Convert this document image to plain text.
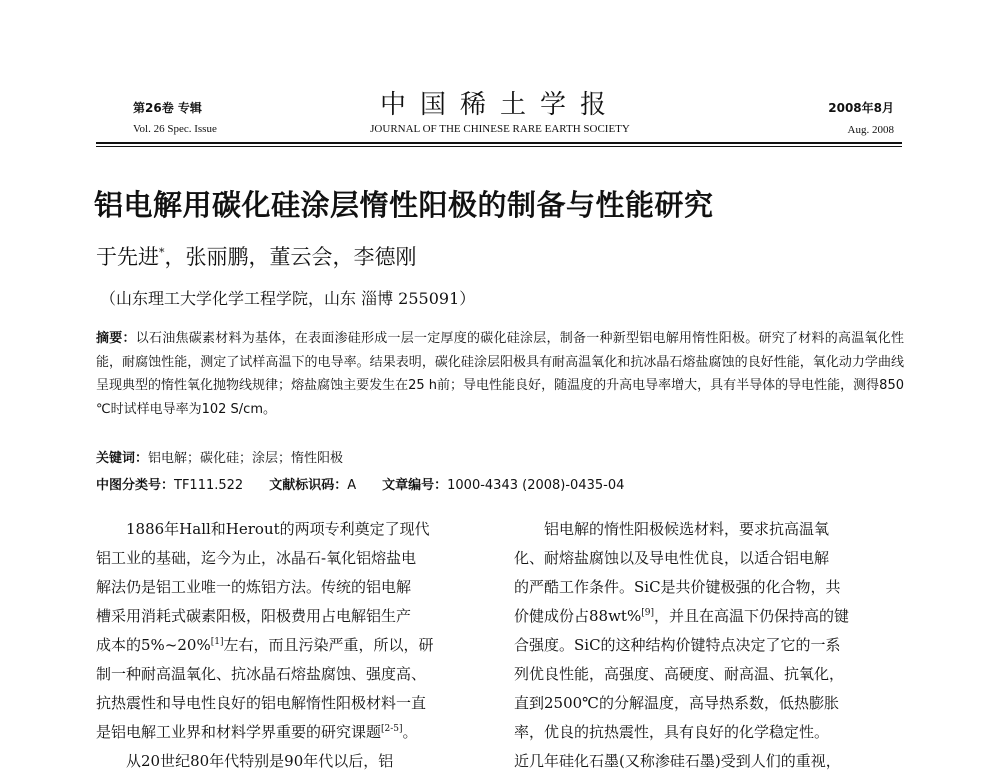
第26卷 专辑
Vol. 26 Spec. Issue
中国稀土学报
JOURNAL OF THE CHINESE RARE EARTH SOCIETY
2008年8月
Aug. 2008
铝电解用碳化硅涂层惰性阳极的制备与性能研究
于先进*，张丽鹏，董云会，李德刚
（山东理工大学化学工程学院，山东 淄博 255091）
摘要：以石油焦碳素材料为基体，在表面渗硅形成一层一定厚度的碳化硅涂层，制备一种新型铝电解用惰性阳极。研究了材料的高温氧化性能，耐腐蚀性能，测定了试样高温下的电导率。结果表明，碳化硅涂层阳极具有耐高温氧化和抗冰晶石熔盐腐蚀的良好性能，氧化动力学曲线呈现典型的惰性氧化抛物线规律；熔盐腐蚀主要发生在25 h前；导电性能良好，随温度的升高电导率增大，具有半导体的导电性能，测得850 ℃时试样电导率为102 S/cm。
关键词：铝电解；碳化硅；涂层；惰性阳极
中图分类号：TF111.522 文献标识码：A 文章编号：1000-4343 (2008)-0435-04
　　1886年Hall和Herout的两项专利奠定了现代
铝工业的基础，迄今为止，冰晶石-氧化铝熔盐电
解法仍是铝工业唯一的炼铝方法。传统的铝电解
槽采用消耗式碳素阳极，阳极费用占电解铝生产
成本的5%~20%[1]左右，而且污染严重，所以，研
制一种耐高温氧化、抗冰晶石熔盐腐蚀、强度高、
抗热震性和导电性良好的铝电解惰性阳极材料一直
是铝电解工业界和材料学界重要的研究课题[2-5]。
　　从20世纪80年代特别是90年代以后，铝
　　铝电解的惰性阳极候选材料，要求抗高温氧
化、耐熔盐腐蚀以及导电性优良，以适合铝电解
的严酷工作条件。SiC是共价键极强的化合物，共
价健成份占88wt%[9]，并且在高温下仍保持高的键
合强度。SiC的这种结构价键特点决定了它的一系
列优良性能，高强度、高硬度、耐高温、抗氧化，
直到2500℃的分解温度，高导热系数，低热膨胀
率，优良的抗热震性，具有良好的化学稳定性。
近几年硅化石墨(又称渗硅石墨)受到人们的重视，
